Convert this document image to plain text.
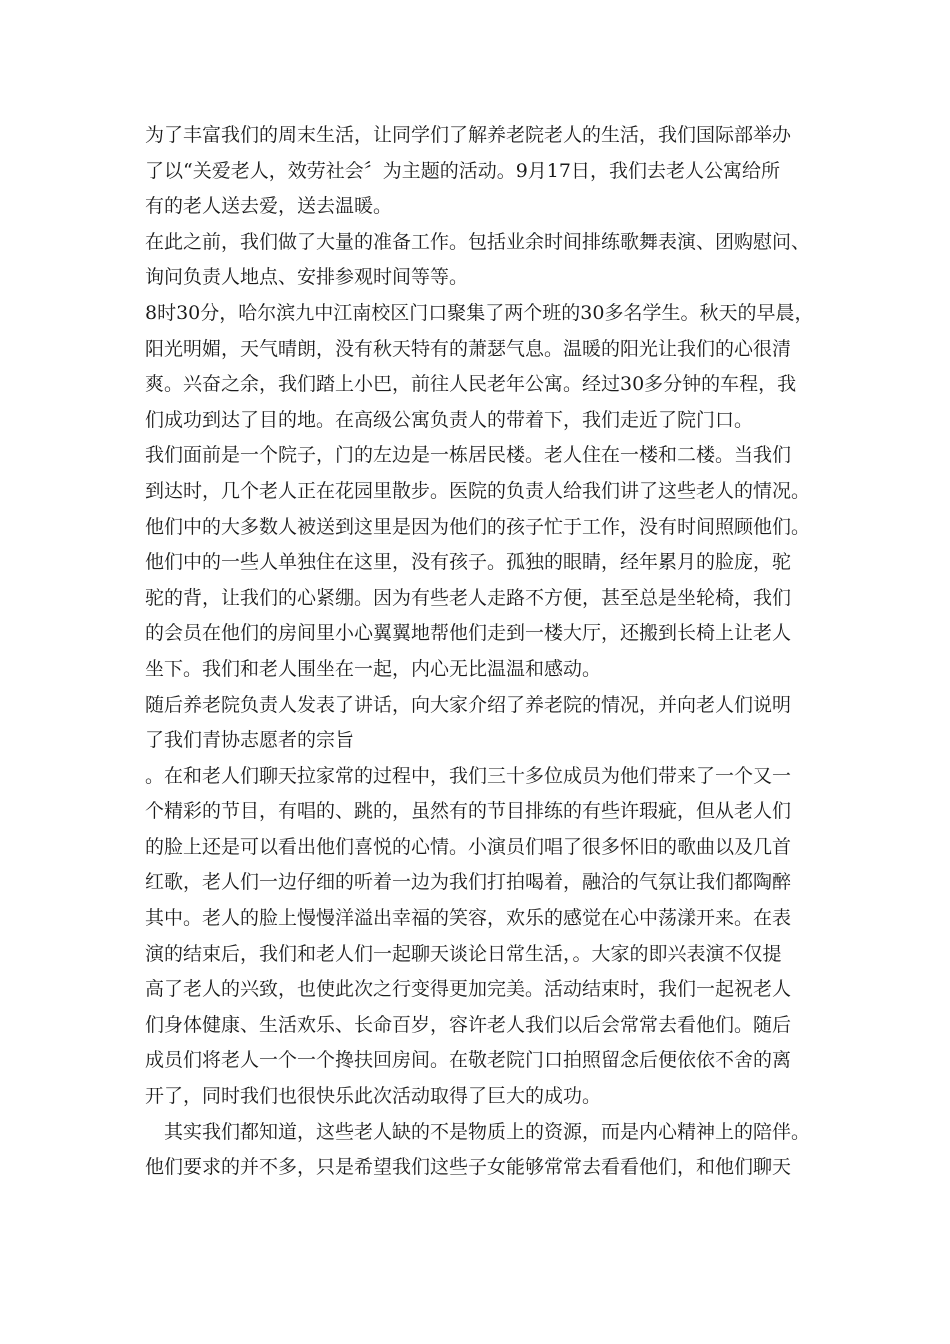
为了丰富我们的周末生活，让同学们了解养老院老人的生活，我们国际部举办
了以“关爱老人，效劳社会〞为主题的活动。9月17日，我们去老人公寓给所
有的老人送去爱，送去温暖。
在此之前，我们做了大量的准备工作。包括业余时间排练歌舞表演、团购慰问、
询问负责人地点、安排参观时间等等。
8时30分，哈尔滨九中江南校区门口聚集了两个班的30多名学生。秋天的早晨，
阳光明媚，天气晴朗，没有秋天特有的萧瑟气息。温暖的阳光让我们的心很清
爽。兴奋之余，我们踏上小巴，前往人民老年公寓。经过30多分钟的车程，我
们成功到达了目的地。在高级公寓负责人的带着下，我们走近了院门口。
我们面前是一个院子，门的左边是一栋居民楼。老人住在一楼和二楼。当我们
到达时，几个老人正在花园里散步。医院的负责人给我们讲了这些老人的情况。
他们中的大多数人被送到这里是因为他们的孩子忙于工作，没有时间照顾他们。
他们中的一些人单独住在这里，没有孩子。孤独的眼睛，经年累月的脸庞，驼
驼的背，让我们的心紧绷。因为有些老人走路不方便，甚至总是坐轮椅，我们
的会员在他们的房间里小心翼翼地帮他们走到一楼大厅，还搬到长椅上让老人
坐下。我们和老人围坐在一起，内心无比温温和感动。
随后养老院负责人发表了讲话，向大家介绍了养老院的情况，并向老人们说明
了我们青协志愿者的宗旨
。在和老人们聊天拉家常的过程中，我们三十多位成员为他们带来了一个又一
个精彩的节目，有唱的、跳的，虽然有的节目排练的有些许瑕疵，但从老人们
的脸上还是可以看出他们喜悦的心情。小演员们唱了很多怀旧的歌曲以及几首
红歌，老人们一边仔细的听着一边为我们打拍喝着，融洽的气氛让我们都陶醉
其中。老人的脸上慢慢洋溢出幸福的笑容，欢乐的感觉在心中荡漾开来。在表
演的结束后，我们和老人们一起聊天谈论日常生活，。大家的即兴表演不仅提
高了老人的兴致，也使此次之行变得更加完美。活动结束时，我们一起祝老人
们身体健康、生活欢乐、长命百岁，容许老人我们以后会常常去看他们。随后
成员们将老人一个一个搀扶回房间。在敬老院门口拍照留念后便依依不舍的离
开了，同时我们也很快乐此次活动取得了巨大的成功。
其实我们都知道，这些老人缺的不是物质上的资源，而是内心精神上的陪伴。
他们要求的并不多，只是希望我们这些子女能够常常去看看他们，和他们聊天
